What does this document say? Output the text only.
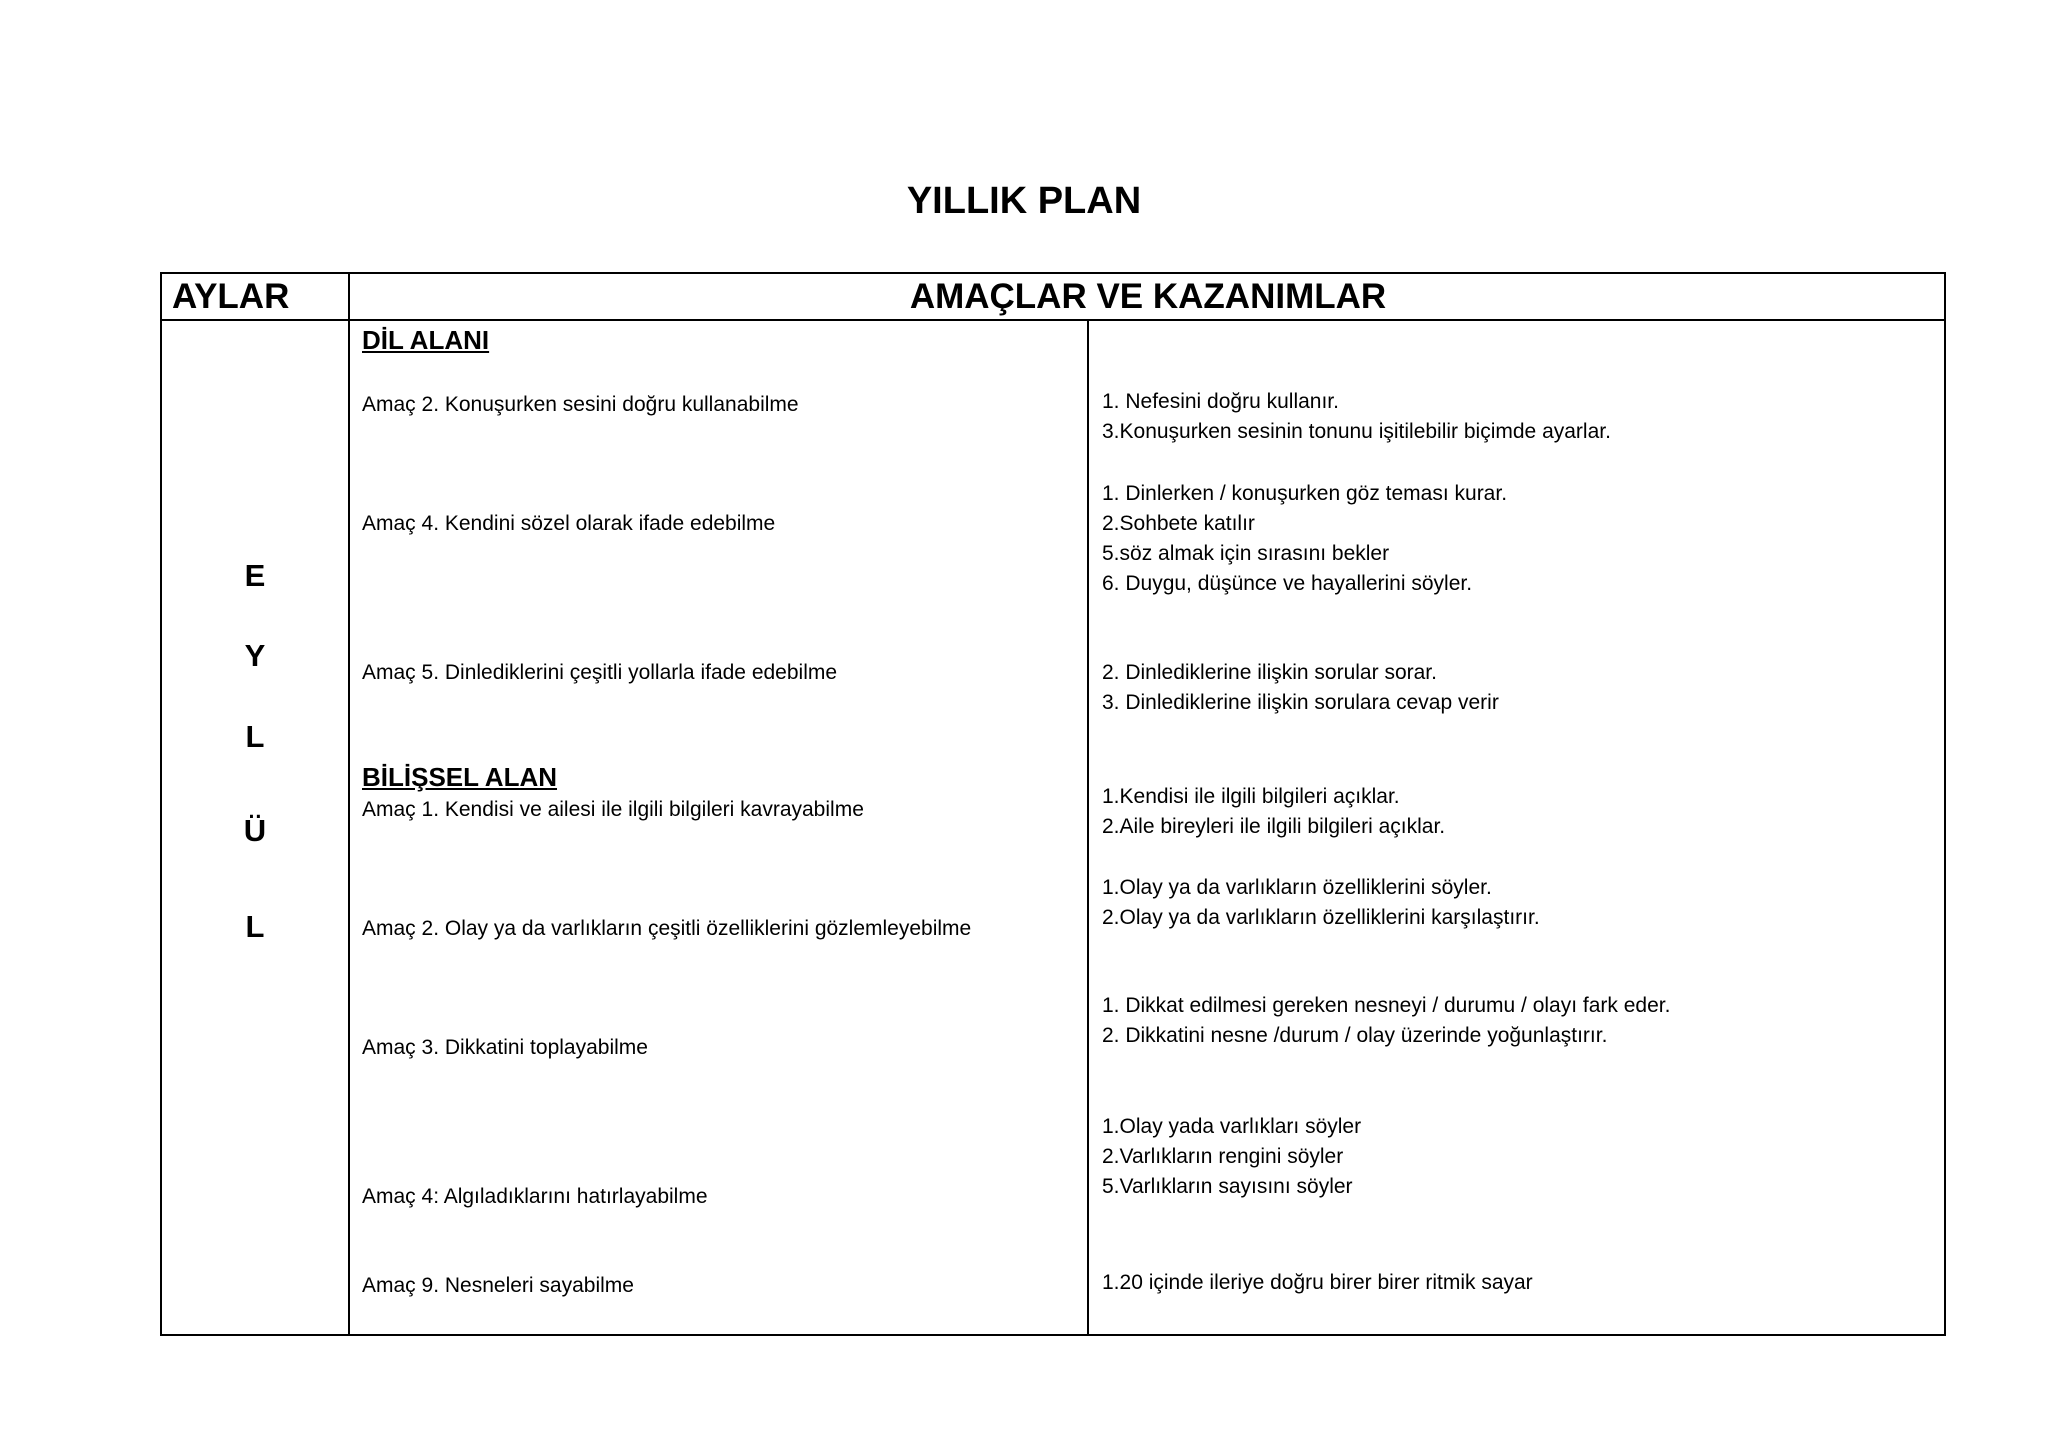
YILLIK PLAN
AYLAR	AMAÇLAR VE KAZANIMLAR
E
Y
L
Ü
L
DİL ALANI
BİLİŞSEL ALAN
Amaç 2. Konuşurken sesini doğru kullanabilme
Amaç 4. Kendini sözel olarak ifade edebilme
Amaç 5. Dinlediklerini çeşitli yollarla ifade edebilme
Amaç 1. Kendisi ve ailesi ile ilgili bilgileri kavrayabilme
Amaç 2. Olay ya da varlıkların çeşitli özelliklerini gözlemleyebilme
Amaç 3. Dikkatini toplayabilme
Amaç 4: Algıladıklarını hatırlayabilme
Amaç 9. Nesneleri sayabilme
1. Nefesini doğru kullanır.
3.Konuşurken sesinin tonunu işitilebilir biçimde ayarlar.
1. Dinlerken / konuşurken göz teması kurar.
2.Sohbete katılır
5.söz almak için sırasını bekler
6. Duygu, düşünce ve hayallerini söyler.
2. Dinlediklerine ilişkin sorular sorar.
3. Dinlediklerine ilişkin sorulara cevap verir
1.Kendisi ile ilgili bilgileri açıklar.
2.Aile bireyleri ile ilgili bilgileri açıklar.
1.Olay ya da varlıkların özelliklerini söyler.
2.Olay ya da varlıkların özelliklerini karşılaştırır.
1. Dikkat edilmesi gereken nesneyi / durumu / olayı fark eder.
2. Dikkatini nesne /durum / olay üzerinde yoğunlaştırır.
1.Olay yada varlıkları söyler
2.Varlıkların rengini söyler
5.Varlıkların sayısını söyler
1.20 içinde ileriye doğru birer birer ritmik sayar
